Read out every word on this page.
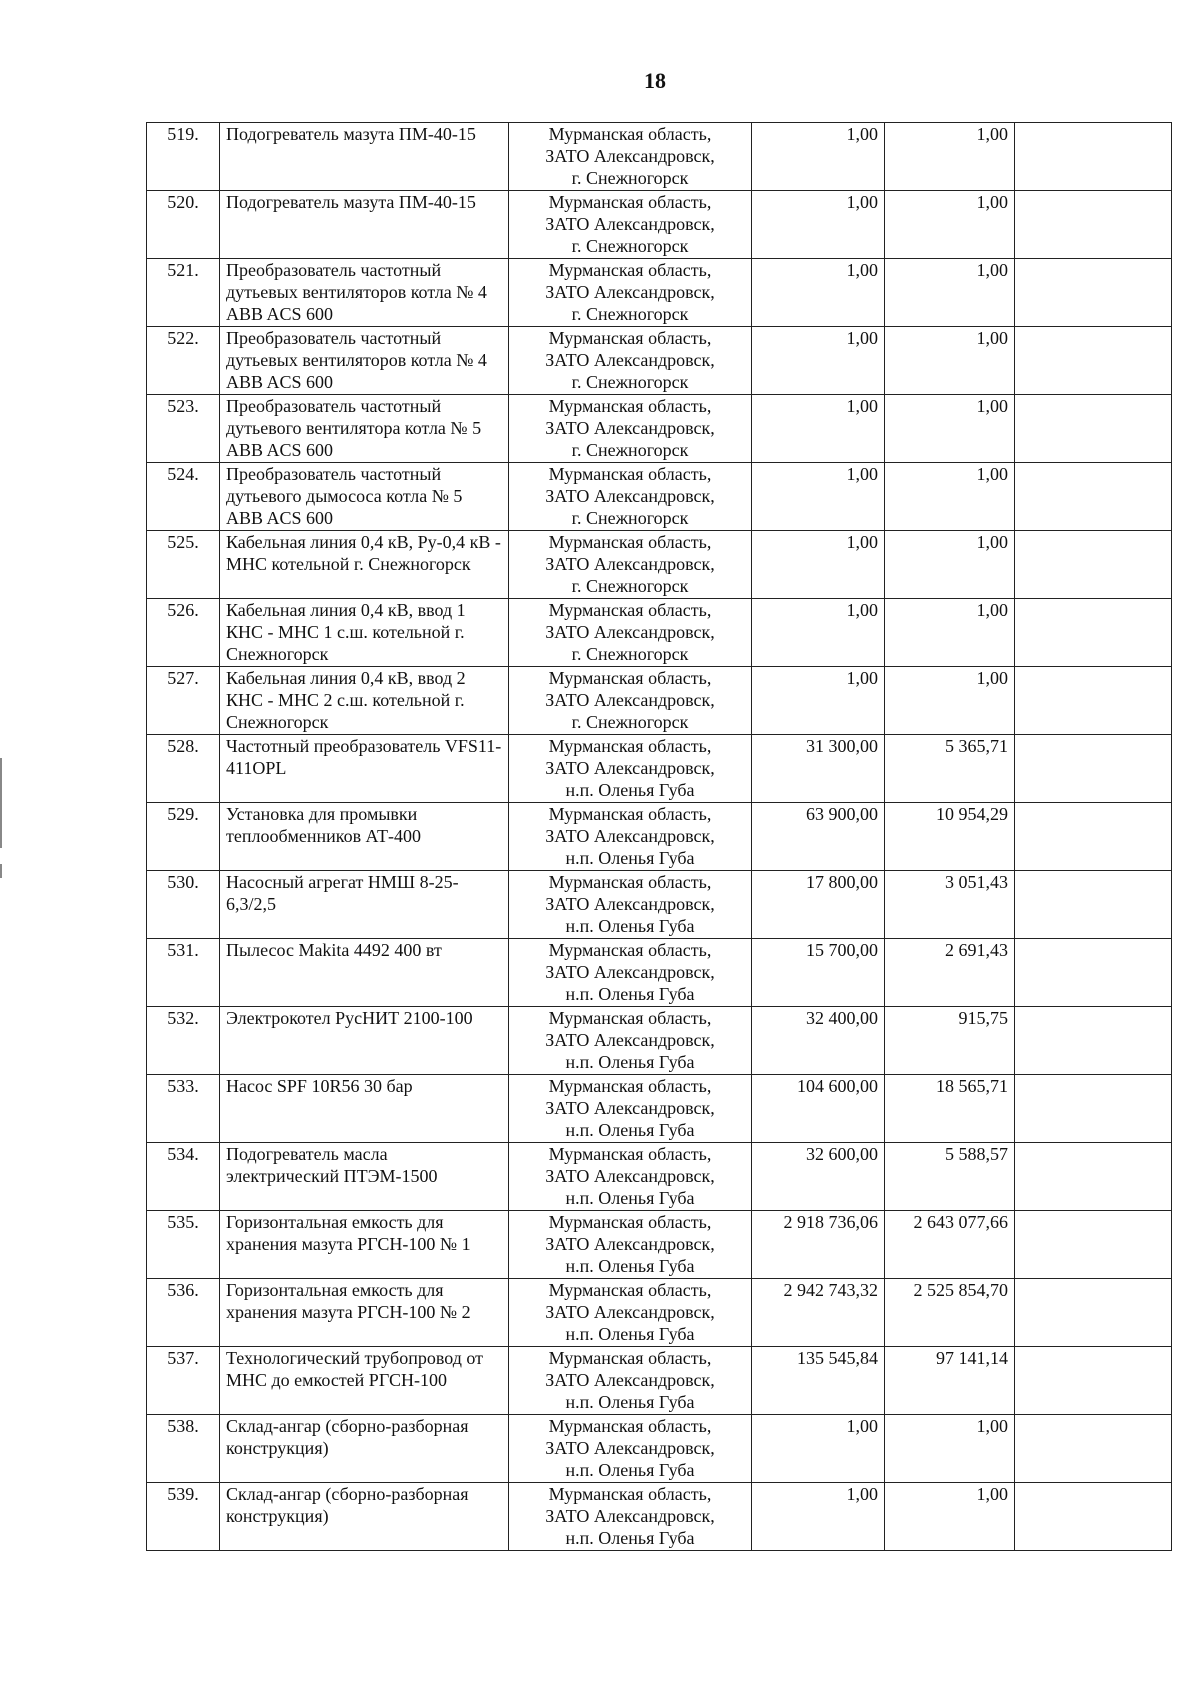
18
519.	Подогреватель мазута ПМ-40-15	Мурманская область,
ЗАТО Александровск,
г. Снежногорск	1,00	1,00	
520.	Подогреватель мазута ПМ-40-15	Мурманская область,
ЗАТО Александровск,
г. Снежногорск	1,00	1,00	
521.	Преобразователь частотный дутьевых вентиляторов котла № 4 ABB ACS 600	Мурманская область,
ЗАТО Александровск,
г. Снежногорск	1,00	1,00	
522.	Преобразователь частотный дутьевых вентиляторов котла № 4 ABB ACS 600	Мурманская область,
ЗАТО Александровск,
г. Снежногорск	1,00	1,00	
523.	Преобразователь частотный дутьевого вентилятора котла № 5 ABB ACS 600	Мурманская область,
ЗАТО Александровск,
г. Снежногорск	1,00	1,00	
524.	Преобразователь частотный дутьевого дымососа котла № 5 ABB ACS 600	Мурманская область,
ЗАТО Александровск,
г. Снежногорск	1,00	1,00	
525.	Кабельная линия 0,4 кВ, Ру-0,4 кВ - МНС котельной г. Снежногорск	Мурманская область,
ЗАТО Александровск,
г. Снежногорск	1,00	1,00	
526.	Кабельная линия 0,4 кВ, ввод 1 КНС - МНС 1 с.ш. котельной г. Снежногорск	Мурманская область,
ЗАТО Александровск,
г. Снежногорск	1,00	1,00	
527.	Кабельная линия 0,4 кВ, ввод 2 КНС - МНС 2 с.ш. котельной г. Снежногорск	Мурманская область,
ЗАТО Александровск,
г. Снежногорск	1,00	1,00	
528.	Частотный преобразователь VFS11-411OPL	Мурманская область,
ЗАТО Александровск,
н.п. Оленья Губа	31 300,00	5 365,71	
529.	Установка для промывки теплообменников АТ-400	Мурманская область,
ЗАТО Александровск,
н.п. Оленья Губа	63 900,00	10 954,29	
530.	Насосный агрегат НМШ 8-25-6,3/2,5	Мурманская область,
ЗАТО Александровск,
н.п. Оленья Губа	17 800,00	3 051,43	
531.	Пылесос Makita 4492 400 вт	Мурманская область,
ЗАТО Александровск,
н.п. Оленья Губа	15 700,00	2 691,43	
532.	Электрокотел РусНИТ 2100-100	Мурманская область,
ЗАТО Александровск,
н.п. Оленья Губа	32 400,00	915,75	
533.	Насос SPF 10R56 30 бар	Мурманская область,
ЗАТО Александровск,
н.п. Оленья Губа	104 600,00	18 565,71	
534.	Подогреватель масла электрический ПТЭМ-1500	Мурманская область,
ЗАТО Александровск,
н.п. Оленья Губа	32 600,00	5 588,57	
535.	Горизонтальная емкость для хранения мазута РГСН-100 № 1	Мурманская область,
ЗАТО Александровск,
н.п. Оленья Губа	2 918 736,06	2 643 077,66	
536.	Горизонтальная емкость для хранения мазута РГСН-100 № 2	Мурманская область,
ЗАТО Александровск,
н.п. Оленья Губа	2 942 743,32	2 525 854,70	
537.	Технологический трубопровод от МНС до емкостей РГСН-100	Мурманская область,
ЗАТО Александровск,
н.п. Оленья Губа	135 545,84	97 141,14	
538.	Склад-ангар (сборно-разборная конструкция)	Мурманская область,
ЗАТО Александровск,
н.п. Оленья Губа	1,00	1,00	
539.	Склад-ангар (сборно-разборная конструкция)	Мурманская область,
ЗАТО Александровск,
н.п. Оленья Губа	1,00	1,00	
